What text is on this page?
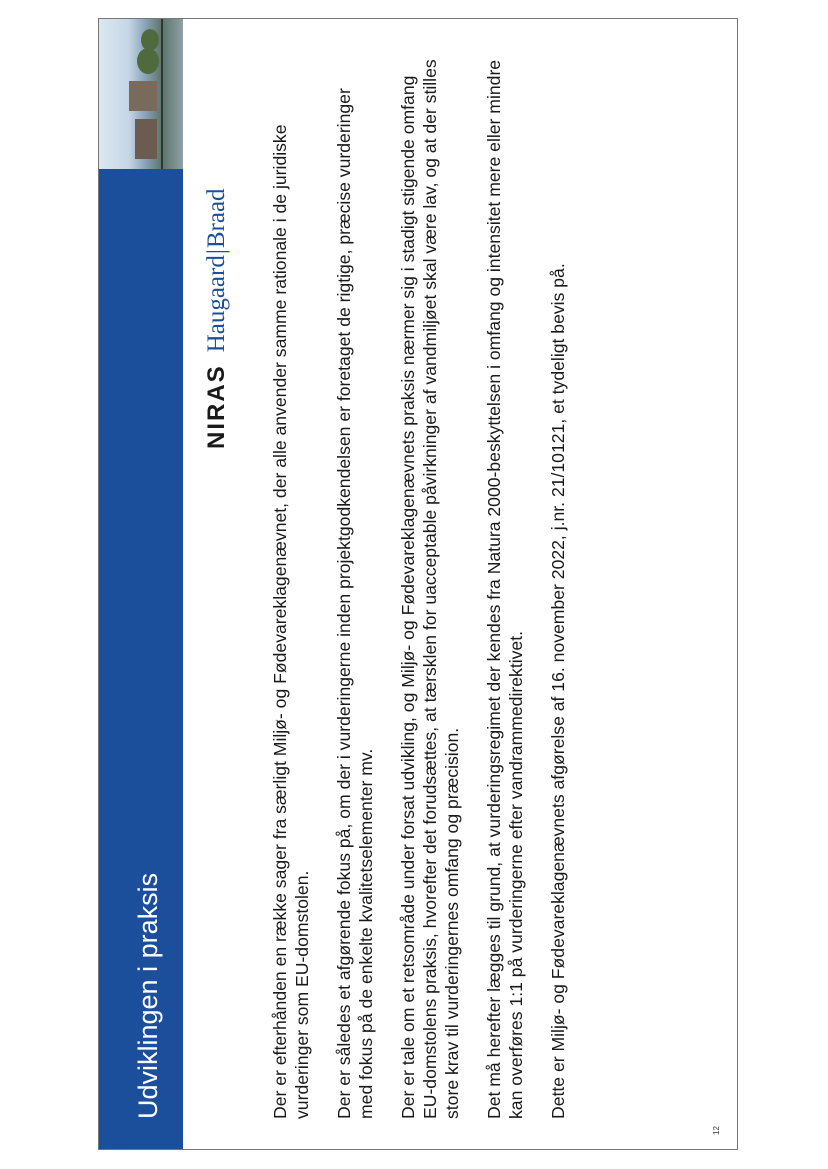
12
Udviklingen i praksis
NIRAS
Haugaard|Braad Der er efterhånden en række sager fra særligt Miljø- og Fødevareklagenævnet, der alle anvender samme rationale i de juridiske vurderinger som EU-domstolen. Der er således et afgørende fokus på, om der i vurderingerne inden projektgodkendelsen er foretaget de rigtige, præcise vurderinger med fokus på de enkelte kvalitetselementer mv. Der er tale om et retsområde under forsat udvikling, og Miljø- og Fødevareklagenævnets praksis nærmer sig i stadigt stigende omfang EU-domstolens praksis, hvorefter det forudsættes, at tærsklen for uacceptable påvirkninger af vandmiljøet skal være lav, og at der stilles store krav til vurderingernes omfang og præcision. Det må herefter lægges til grund, at vurderingsregimet der kendes fra Natura 2000-beskyttelsen i omfang og intensitet mere eller mindre kan overføres 1:1 på vurderingerne efter vandrammedirektivet. Dette er Miljø- og Fødevareklagenævnets afgørelse af 16. november 2022, j.nr. 21/10121, et tydeligt bevis på.
